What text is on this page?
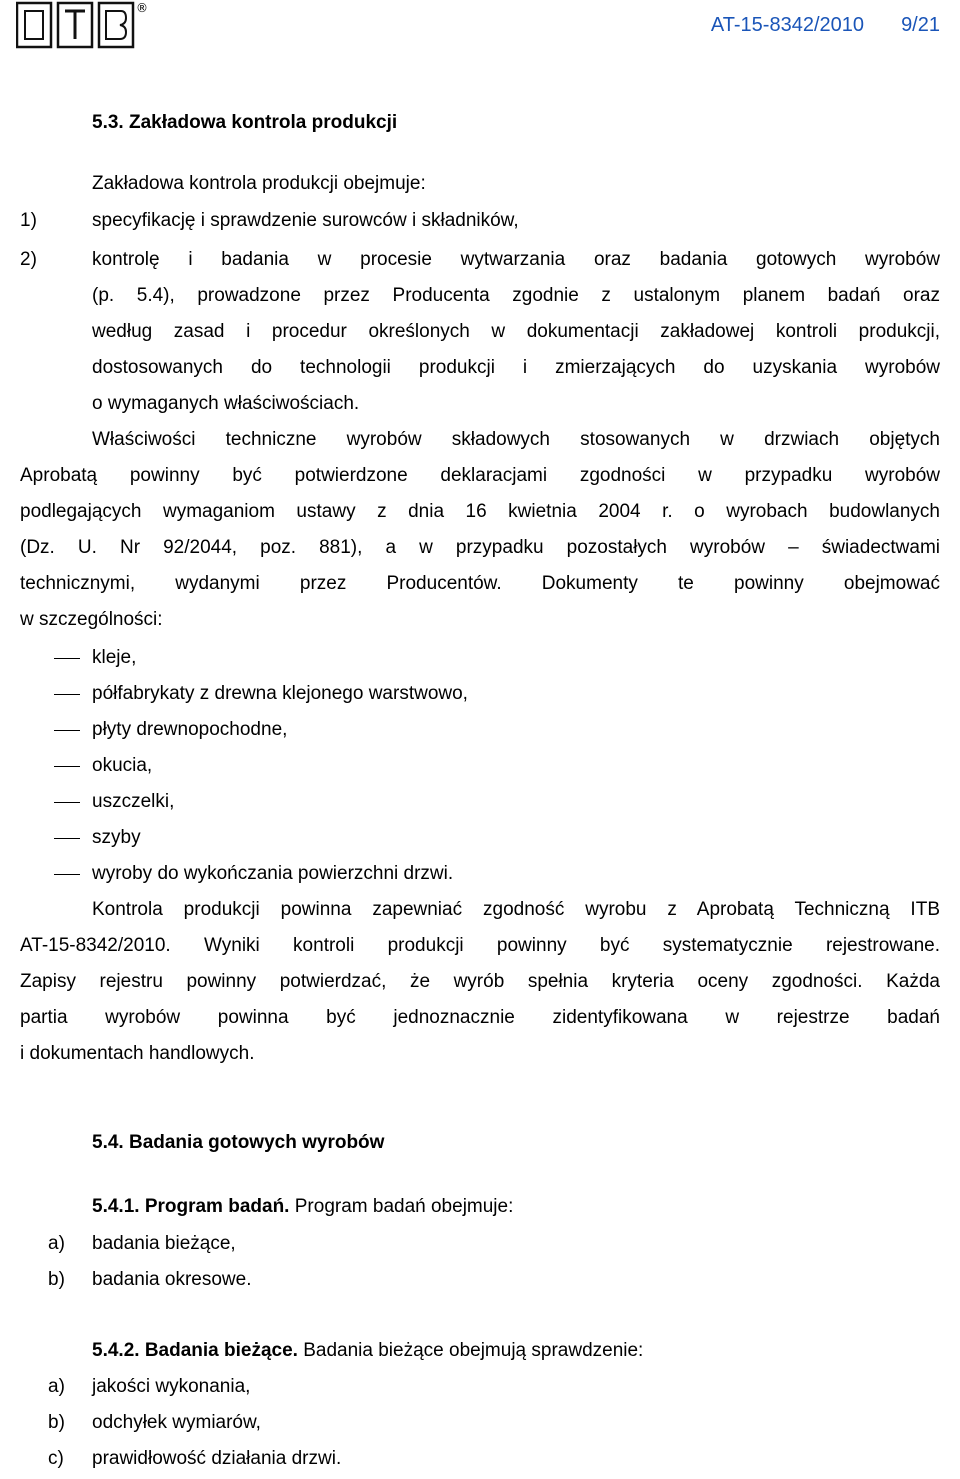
®
AT-15-8342/2010 9/21
5.3. Zakładowa kontrola produkcji
Zakładowa kontrola produkcji obejmuje:
1)	specyfikację i sprawdzenie surowców i składników,
2)	kontrolę i badania w procesie wytwarzania oraz badania gotowych wyrobów
(p. 5.4), prowadzone przez Producenta zgodnie z ustalonym planem badań oraz
według zasad i procedur określonych w dokumentacji zakładowej kontroli produkcji,
dostosowanych do technologii produkcji i zmierzających do uzyskania wyrobów
o wymaganych właściwościach.
Właściwości techniczne wyrobów składowych stosowanych w drzwiach objętych
Aprobatą powinny być potwierdzone deklaracjami zgodności w przypadku wyrobów
podlegających wymaganiom ustawy z dnia 16 kwietnia 2004 r. o wyrobach budowlanych
(Dz. U. Nr 92/2044, poz. 881), a w przypadku pozostałych wyrobów – świadectwami
technicznymi, wydanymi przez Producentów. Dokumenty te powinny obejmować
w szczególności:
kleje,
półfabrykaty z drewna klejonego warstwowo,
płyty drewnopochodne,
okucia,
uszczelki,
szyby
wyroby do wykończania powierzchni drzwi.
Kontrola produkcji powinna zapewniać zgodność wyrobu z Aprobatą Techniczną ITB
AT-15-8342/2010. Wyniki kontroli produkcji powinny być systematycznie rejestrowane.
Zapisy rejestru powinny potwierdzać, że wyrób spełnia kryteria oceny zgodności. Każda
partia wyrobów powinna być jednoznacznie zidentyfikowana w rejestrze badań
i dokumentach handlowych.
5.4. Badania gotowych wyrobów
5.4.1. Program badań. Program badań obejmuje:
a) badania bieżące,
b) badania okresowe.
5.4.2. Badania bieżące. Badania bieżące obejmują sprawdzenie:
a) jakości wykonania,
b) odchyłek wymiarów,
c) prawidłowość działania drzwi.
